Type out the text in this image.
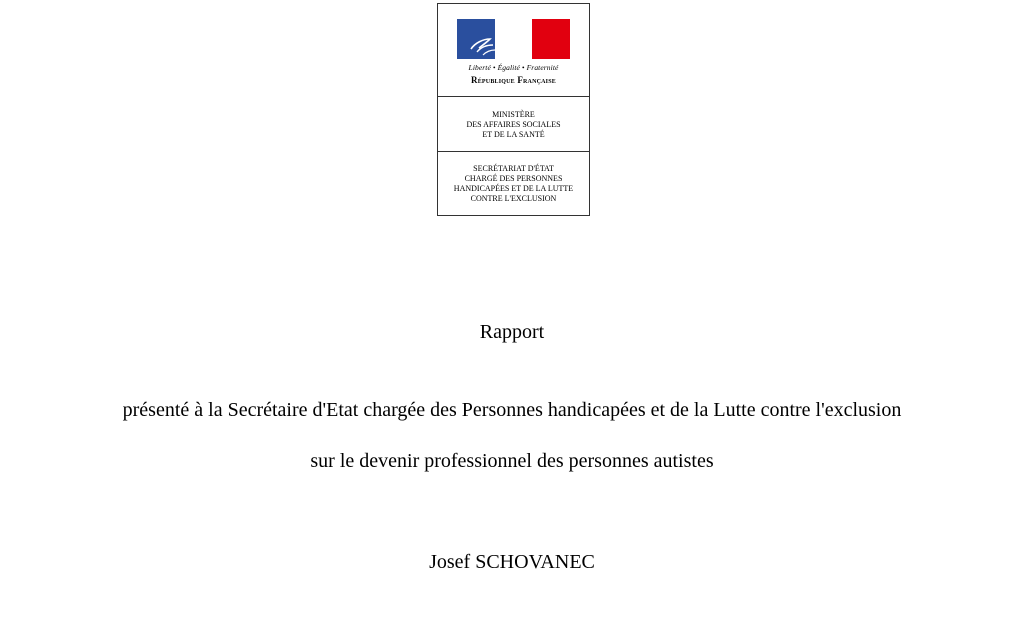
Liberté • Égalité • Fraternité
République Française
MINISTÈRE
DES AFFAIRES SOCIALES
ET DE LA SANTÉ
SECRÉTARIAT D'ÉTAT
CHARGÉ DES PERSONNES
HANDICAPÉES ET DE LA LUTTE
CONTRE L'EXCLUSION
Rapport
présenté à la Secrétaire d'Etat chargée des Personnes handicapées et de la Lutte contre l'exclusion
sur le devenir professionnel des personnes autistes
Josef SCHOVANEC
